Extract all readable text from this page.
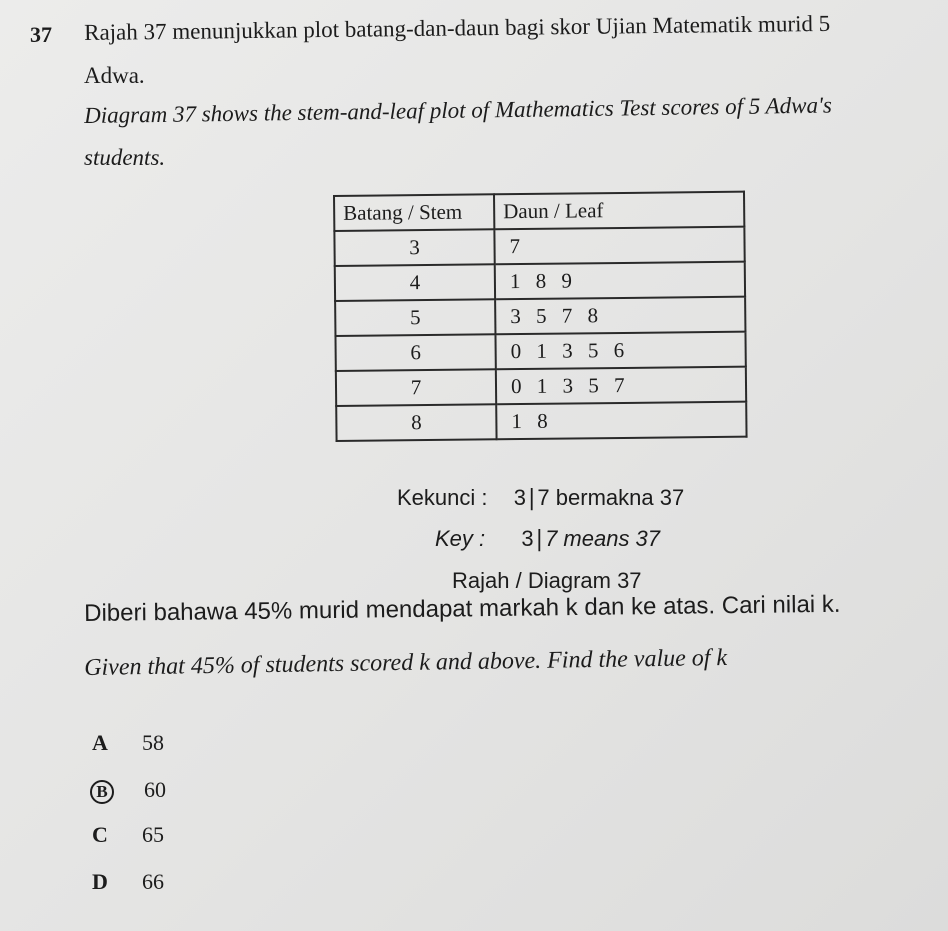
37 Rajah 37 menunjukkan plot batang-dan-daun bagi skor Ujian Matematik murid 5
Adwa.
Diagram 37 shows the stem-and-leaf plot of Mathematics Test scores of 5 Adwa's
students.
Batang / Stem	Daun / Leaf
3	7
4	1 8 9
5	3 5 7 8
6	0 1 3 5 6
7	0 1 3 5 7
8	1 8
Kekunci : 3|7 bermakna 37
Key : 3|7 means 37
Rajah / Diagram 37
Diberi bahawa 45% murid mendapat markah k dan ke atas. Cari nilai k.
Given that 45% of students scored k and above. Find the value of k
A 58
B 60
C 65
D 66
